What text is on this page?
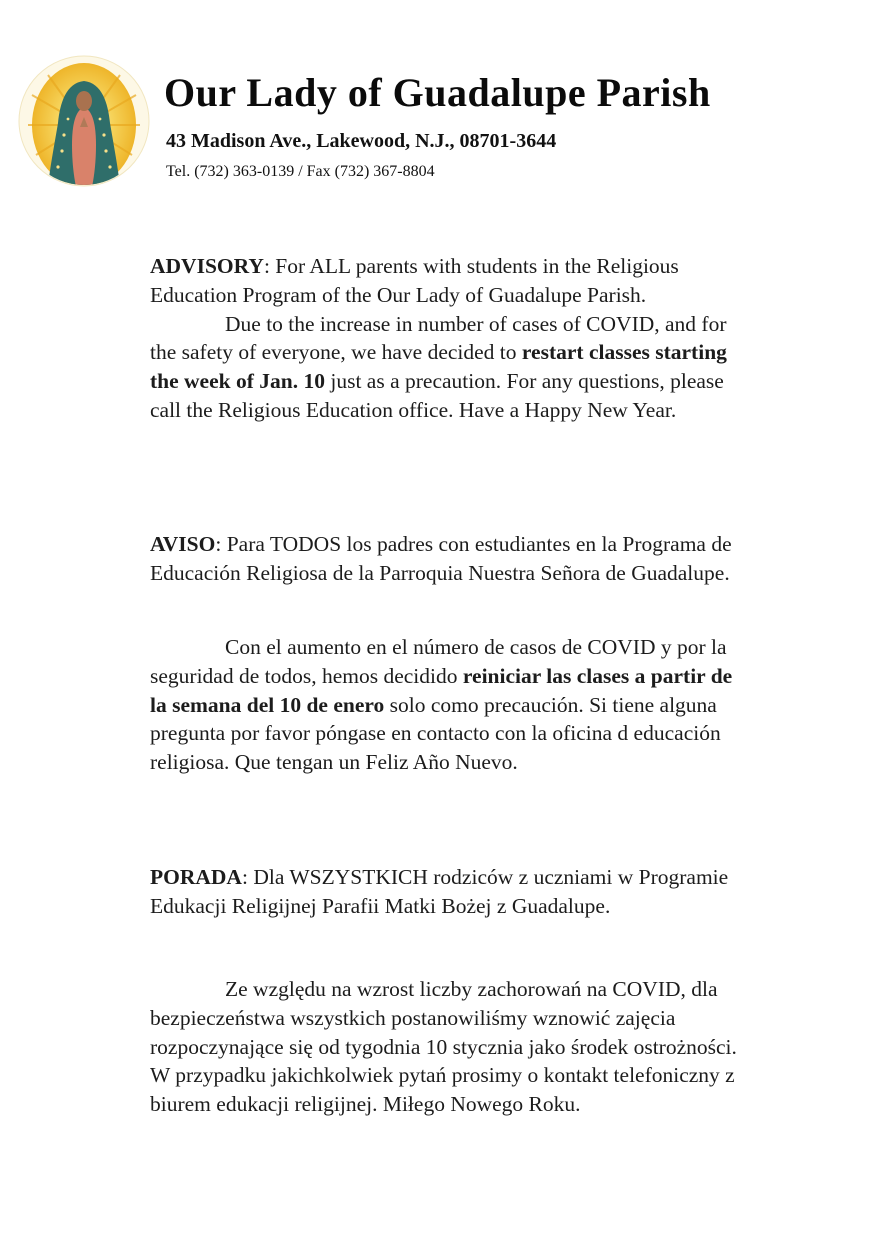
Our Lady of Guadalupe Parish
43 Madison Ave., Lakewood, N.J., 08701-3644
Tel. (732) 363-0139 / Fax (732) 367-8804

ADVISORY: For ALL parents with students in the Religious Education Program of the Our Lady of Guadalupe Parish.

Due to the increase in number of cases of COVID, and for the safety of everyone, we have decided to restart classes starting the week of Jan. 10 just as a precaution. For any questions, please call the Religious Education office. Have a Happy New Year.

AVISO: Para TODOS los padres con estudiantes en la Programa de Educación Religiosa de la Parroquia Nuestra Señora de Guadalupe.

Con el aumento en el número de casos de COVID y por la seguridad de todos, hemos decidido reiniciar las clases a partir de la semana del 10 de enero solo como precaución. Si tiene alguna pregunta por favor póngase en contacto con la oficina d educación religiosa. Que tengan un Feliz Año Nuevo.

PORADA: Dla WSZYSTKICH rodziców z uczniami w Programie Edukacji Religijnej Parafii Matki Bożej z Guadalupe.

Ze względu na wzrost liczby zachorowań na COVID, dla bezpieczeństwa wszystkich postanowiliśmy wznowić zajęcia rozpoczynające się od tygodnia 10 stycznia jako środek ostrożności. W przypadku jakichkolwiek pytań prosimy o kontakt telefoniczny z biurem edukacji religijnej. Miłego Nowego Roku.
